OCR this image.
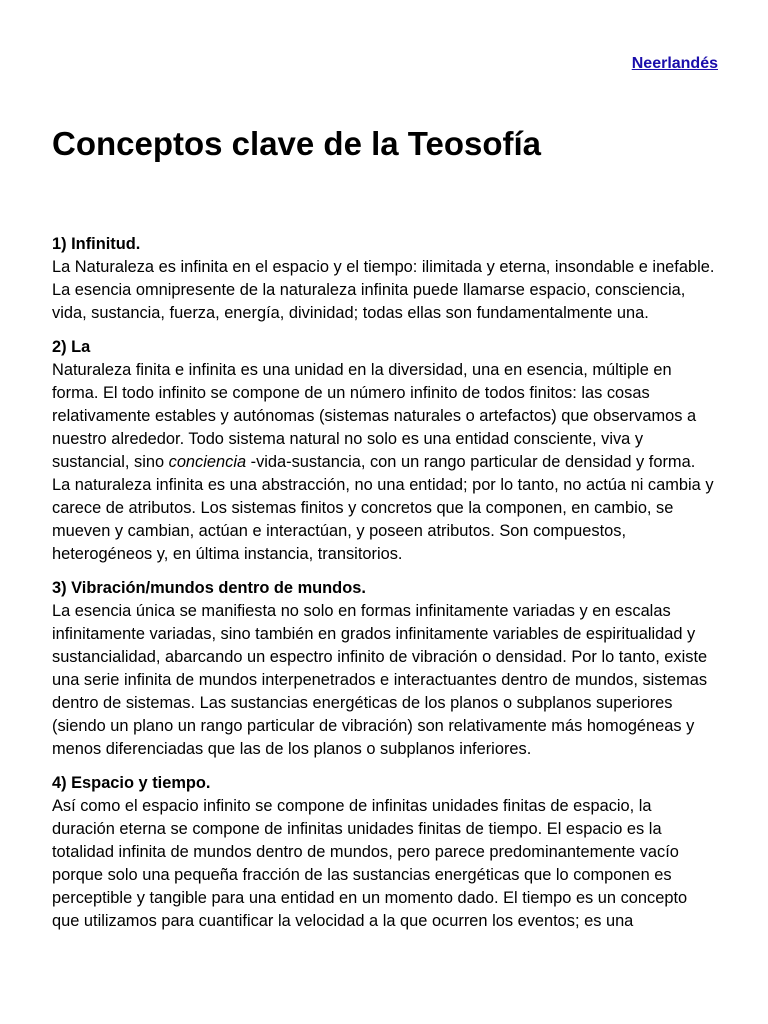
Neerlandés
Conceptos clave de la Teosofía

1) Infinitud.
La Naturaleza es infinita en el espacio y el tiempo: ilimitada y eterna, insondable e inefable. La esencia omnipresente de la naturaleza infinita puede llamarse espacio, consciencia, vida, sustancia, fuerza, energía, divinidad; todas ellas son fundamentalmente una.

2) La
Naturaleza finita e infinita es una unidad en la diversidad, una en esencia, múltiple en forma. El todo infinito se compone de un número infinito de todos finitos: las cosas relativamente estables y autónomas (sistemas naturales o artefactos) que observamos a nuestro alrededor. Todo sistema natural no solo es una entidad consciente, viva y sustancial, sino conciencia -vida-sustancia, con un rango particular de densidad y forma. La naturaleza infinita es una abstracción, no una entidad; por lo tanto, no actúa ni cambia y carece de atributos. Los sistemas finitos y concretos que la componen, en cambio, se mueven y cambian, actúan e interactúan, y poseen atributos. Son compuestos, heterogéneos y, en última instancia, transitorios.

3) Vibración/mundos dentro de mundos.
La esencia única se manifiesta no solo en formas infinitamente variadas y en escalas infinitamente variadas, sino también en grados infinitamente variables de espiritualidad y sustancialidad, abarcando un espectro infinito de vibración o densidad. Por lo tanto, existe una serie infinita de mundos interpenetrados e interactuantes dentro de mundos, sistemas dentro de sistemas. Las sustancias energéticas de los planos o subplanos superiores (siendo un plano un rango particular de vibración) son relativamente más homogéneas y menos diferenciadas que las de los planos o subplanos inferiores.

4) Espacio y tiempo.
Así como el espacio infinito se compone de infinitas unidades finitas de espacio, la duración eterna se compone de infinitas unidades finitas de tiempo. El espacio es la totalidad infinita de mundos dentro de mundos, pero parece predominantemente vacío porque solo una pequeña fracción de las sustancias energéticas que lo componen es perceptible y tangible para una entidad en un momento dado. El tiempo es un concepto que utilizamos para cuantificar la velocidad a la que ocurren los eventos; es una
